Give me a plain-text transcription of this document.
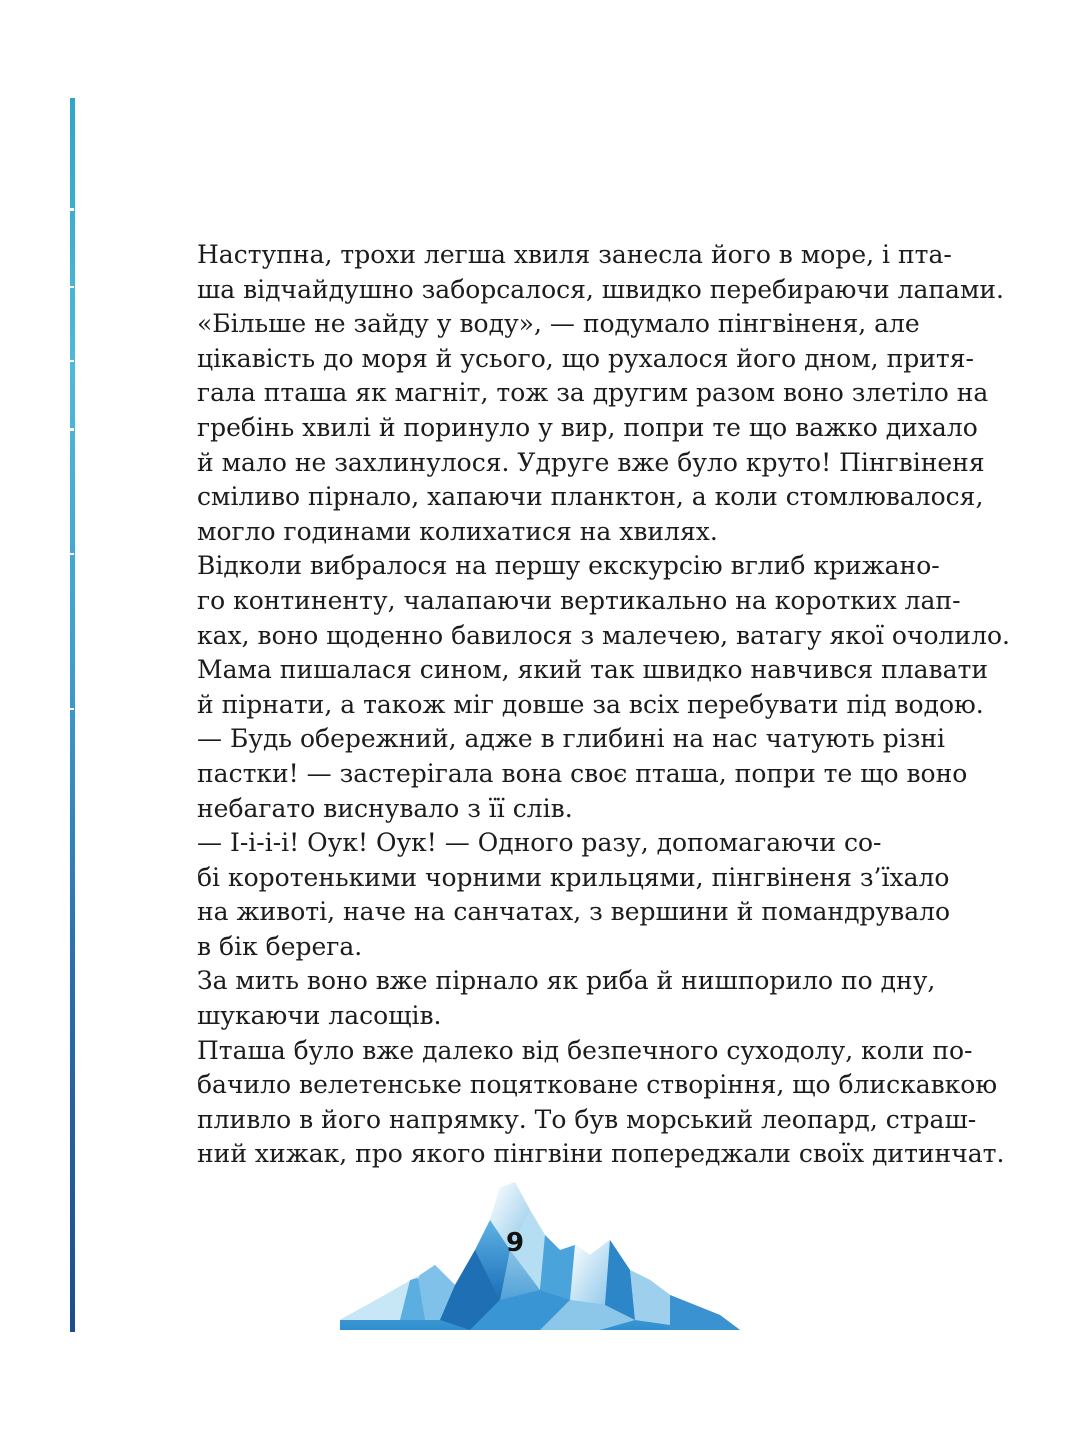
Наступна, трохи легша хвиля занесла його в море, і пта-
ша відчайдушно заборсалося, швидко перебираючи лапами.
«Більше не зайду у воду», — подумало пінгвіненя, але
цікавість до моря й усього, що рухалося його дном, притя-
гала пташа як магніт, тож за другим разом воно злетіло на
гребінь хвилі й поринуло у вир, попри те що важко дихало
й мало не захлинулося. Удруге вже було круто! Пінгвіненя
сміливо пірнало, хапаючи планктон, а коли стомлювалося,
могло годинами колихатися на хвилях.
Відколи вибралося на першу екскурсію вглиб крижано-
го континенту, чалапаючи вертикально на коротких лап-
ках, воно щоденно бавилося з малечею, ватагу якої очолило.
Мама пишалася сином, який так швидко навчився плавати
й пірнати, а також міг довше за всіх перебувати під водою.
— Будь обережний, адже в глибині на нас чатують різні
пастки! — застерігала вона своє пташа, попри те що воно
небагато виснувало з її слів.
— І-і-і-і! Оук! Оук! — Одного разу, допомагаючи со-
бі коротенькими чорними крильцями, пінгвіненя з’їхало
на животі, наче на санчатах, з вершини й помандрувало
в бік берега.
За мить воно вже пірнало як риба й нишпорило по дну,
шукаючи ласощів.
Пташа було вже далеко від безпечного суходолу, коли по-
бачило велетенське поцятковане створіння, що блискавкою
пливло в його напрямку. То був морський леопард, страш-
ний хижак, про якого пінгвіни попереджали своїх дитинчат.
9
